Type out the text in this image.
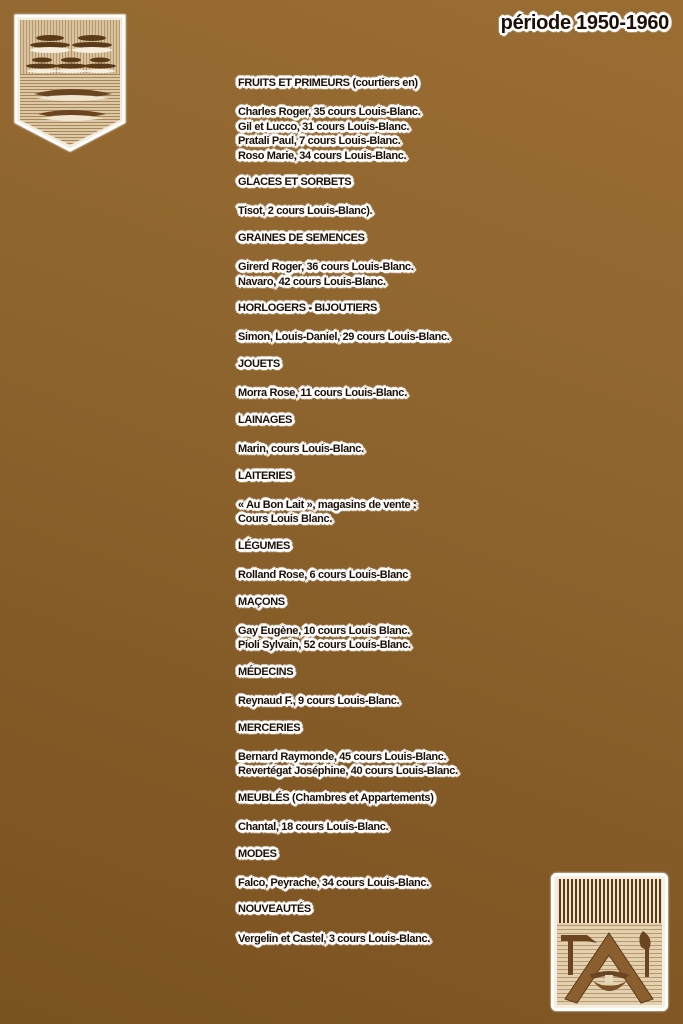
période 1950-1960
FRUITS ET PRIMEURS (courtiers en)
Charles Roger, 35 cours Louis-Blanc.
Gil et Lucco, 31 cours Louis-Blanc.
Pratali Paul, 7 cours Louis-Blanc.
Roso Marie, 34 cours Louis-Blanc.
GLACES ET SORBETS
Tisot, 2 cours Louis-Blanc).
GRAINES DE SEMENCES
Girerd Roger, 36 cours Louis-Blanc.
Navaro, 42 cours Louis-Blanc.
HORLOGERS - BIJOUTIERS
Simon, Louis-Daniel, 29 cours Louis-Blanc.
JOUETS
Morra Rose, 11 cours Louis-Blanc.
LAINAGES
Marin, cours Louis-Blanc.
LAITERIES
« Au Bon Lait », magasins de vente :
Cours Louis Blanc.
LÉGUMES
Rolland Rose, 6 cours Louis-Blanc
MAÇONS
Gay Eugène, 10 cours Louis Blanc.
Pioli Sylvain, 52 cours Louis-Blanc.
MÉDECINS
Reynaud F., 9 cours Louis-Blanc.
MERCERIES
Bernard Raymonde, 45 cours Louis-Blanc.
Revertégat Joséphine, 40 cours Louis-Blanc.
MEUBLÉS (Chambres et Appartements)
Chantal, 18 cours Louis-Blanc.
MODES
Falco, Peyrache, 34 cours Louis-Blanc.
NOUVEAUTÉS
Vergelin et Castel, 3 cours Louis-Blanc.
